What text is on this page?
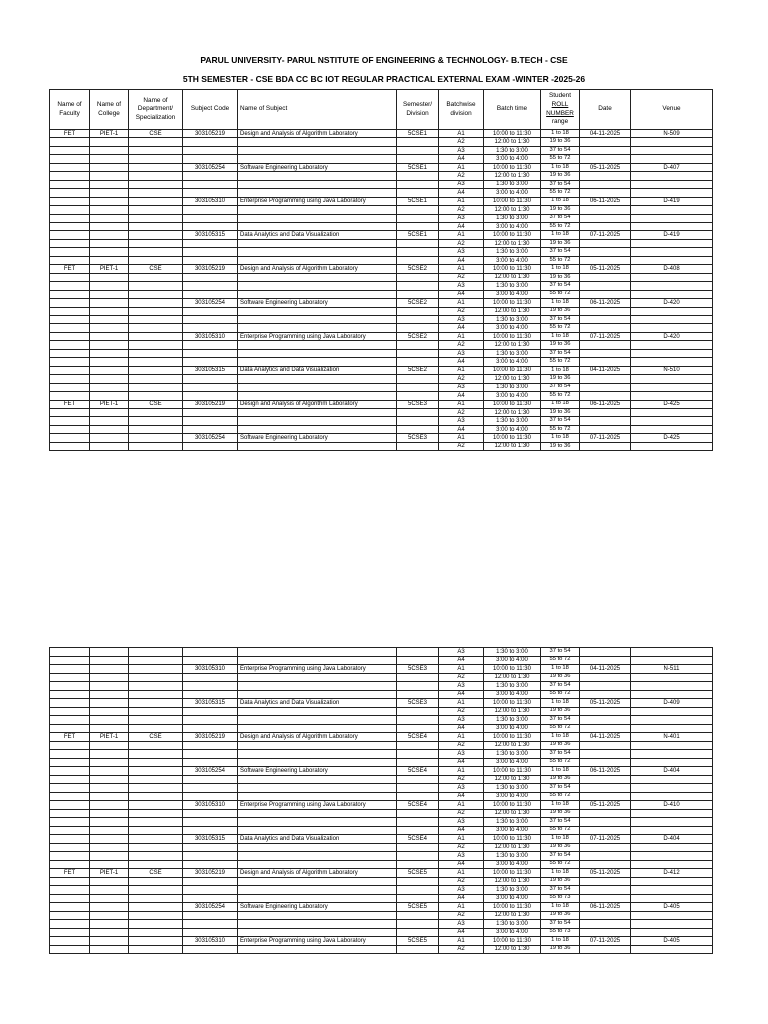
PARUL UNIVERSITY- PARUL NSTITUTE OF ENGINEERING & TECHNOLOGY- B.TECH - CSE
5TH SEMESTER - CSE BDA CC BC IOT REGULAR PRACTICAL EXTERNAL EXAM -WINTER -2025-26
Name of Faculty	Name of College	Name of Department/ Specialization	Subject Code	Name of Subject	Semester/ Division	Batchwise division	Batch time	Student
ROLL
NUMBER
range	Date	Venue
FET	PIET-1	CSE	303105219	Design and Analysis of Algorithm Laboratory	5CSE1	A1	10:00 to 11:30	1 to 18	04-11-2025	N-509
						A2	12:00 to 1:30	19 to 36		
						A3	1:30 to 3:00	37 to 54		
						A4	3:00 to 4:00	55 to 72		
			303105254	Software Engineering Laboratory	5CSE1	A1	10:00 to 11:30	1 to 18	05-11-2025	D-407
						A2	12:00 to 1:30	19 to 36		
						A3	1:30 to 3:00	37 to 54		
						A4	3:00 to 4:00	55 to 72		
			303105310	Enterprise Programming using Java Laboratory	5CSE1	A1	10:00 to 11:30	1 to 18	06-11-2025	D-419
						A2	12:00 to 1:30	19 to 36		
						A3	1:30 to 3:00	37 to 54		
						A4	3:00 to 4:00	55 to 72		
			303105315	Data Analytics and Data Visualization	5CSE1	A1	10:00 to 11:30	1 to 18	07-11-2025	D-419
						A2	12:00 to 1:30	19 to 36		
						A3	1:30 to 3:00	37 to 54		
						A4	3:00 to 4:00	55 to 72		
FET	PIET-1	CSE	303105219	Design and Analysis of Algorithm Laboratory	5CSE2	A1	10:00 to 11:30	1 to 18	05-11-2025	D-408
						A2	12:00 to 1:30	19 to 36		
						A3	1:30 to 3:00	37 to 54		
						A4	3:00 to 4:00	55 to 72		
			303105254	Software Engineering Laboratory	5CSE2	A1	10:00 to 11:30	1 to 18	06-11-2025	D-420
						A2	12:00 to 1:30	19 to 36		
						A3	1:30 to 3:00	37 to 54		
						A4	3:00 to 4:00	55 to 72		
			303105310	Enterprise Programming using Java Laboratory	5CSE2	A1	10:00 to 11:30	1 to 18	07-11-2025	D-420
						A2	12:00 to 1:30	19 to 36		
						A3	1:30 to 3:00	37 to 54		
						A4	3:00 to 4:00	55 to 72		
			303105315	Data Analytics and Data Visualization	5CSE2	A1	10:00 to 11:30	1 to 18	04-11-2025	N-510
						A2	12:00 to 1:30	19 to 36		
						A3	1:30 to 3:00	37 to 54		
						A4	3:00 to 4:00	55 to 72		
FET	PIET-1	CSE	303105219	Design and Analysis of Algorithm Laboratory	5CSE3	A1	10:00 to 11:30	1 to 18	06-11-2025	D-425
						A2	12:00 to 1:30	19 to 36		
						A3	1:30 to 3:00	37 to 54		
						A4	3:00 to 4:00	55 to 72		
			303105254	Software Engineering Laboratory	5CSE3	A1	10:00 to 11:30	1 to 18	07-11-2025	D-425
						A2	12:00 to 1:30	19 to 36		
						A3	1:30 to 3:00	37 to 54		
						A4	3:00 to 4:00	55 to 72		
			303105310	Enterprise Programming using Java Laboratory	5CSE3	A1	10:00 to 11:30	1 to 18	04-11-2025	N-511
						A2	12:00 to 1:30	19 to 36		
						A3	1:30 to 3:00	37 to 54		
						A4	3:00 to 4:00	55 to 72		
			303105315	Data Analytics and Data Visualization	5CSE3	A1	10:00 to 11:30	1 to 18	05-11-2025	D-409
						A2	12:00 to 1:30	19 to 36		
						A3	1:30 to 3:00	37 to 54		
						A4	3:00 to 4:00	55 to 72		
FET	PIET-1	CSE	303105219	Design and Analysis of Algorithm Laboratory	5CSE4	A1	10:00 to 11:30	1 to 18	04-11-2025	N-401
						A2	12:00 to 1:30	19 to 36		
						A3	1:30 to 3:00	37 to 54		
						A4	3:00 to 4:00	55 to 72		
			303105254	Software Engineering Laboratory	5CSE4	A1	10:00 to 11:30	1 to 18	06-11-2025	D-404
						A2	12:00 to 1:30	19 to 36		
						A3	1:30 to 3:00	37 to 54		
						A4	3:00 to 4:00	55 to 72		
			303105310	Enterprise Programming using Java Laboratory	5CSE4	A1	10:00 to 11:30	1 to 18	05-11-2025	D-410
						A2	12:00 to 1:30	19 to 36		
						A3	1:30 to 3:00	37 to 54		
						A4	3:00 to 4:00	55 to 72		
			303105315	Data Analytics and Data Visualization	5CSE4	A1	10:00 to 11:30	1 to 18	07-11-2025	D-404
						A2	12:00 to 1:30	19 to 36		
						A3	1:30 to 3:00	37 to 54		
						A4	3:00 to 4:00	55 to 72		
FET	PIET-1	CSE	303105219	Design and Analysis of Algorithm Laboratory	5CSE5	A1	10:00 to 11:30	1 to 18	05-11-2025	D-412
						A2	12:00 to 1:30	19 to 36		
						A3	1:30 to 3:00	37 to 54		
						A4	3:00 to 4:00	55 to 73		
			303105254	Software Engineering Laboratory	5CSE5	A1	10:00 to 11:30	1 to 18	06-11-2025	D-405
						A2	12:00 to 1:30	19 to 36		
						A3	1:30 to 3:00	37 to 54		
						A4	3:00 to 4:00	55 to 73		
			303105310	Enterprise Programming using Java Laboratory	5CSE5	A1	10:00 to 11:30	1 to 18	07-11-2025	D-405
						A2	12:00 to 1:30	19 to 36		
